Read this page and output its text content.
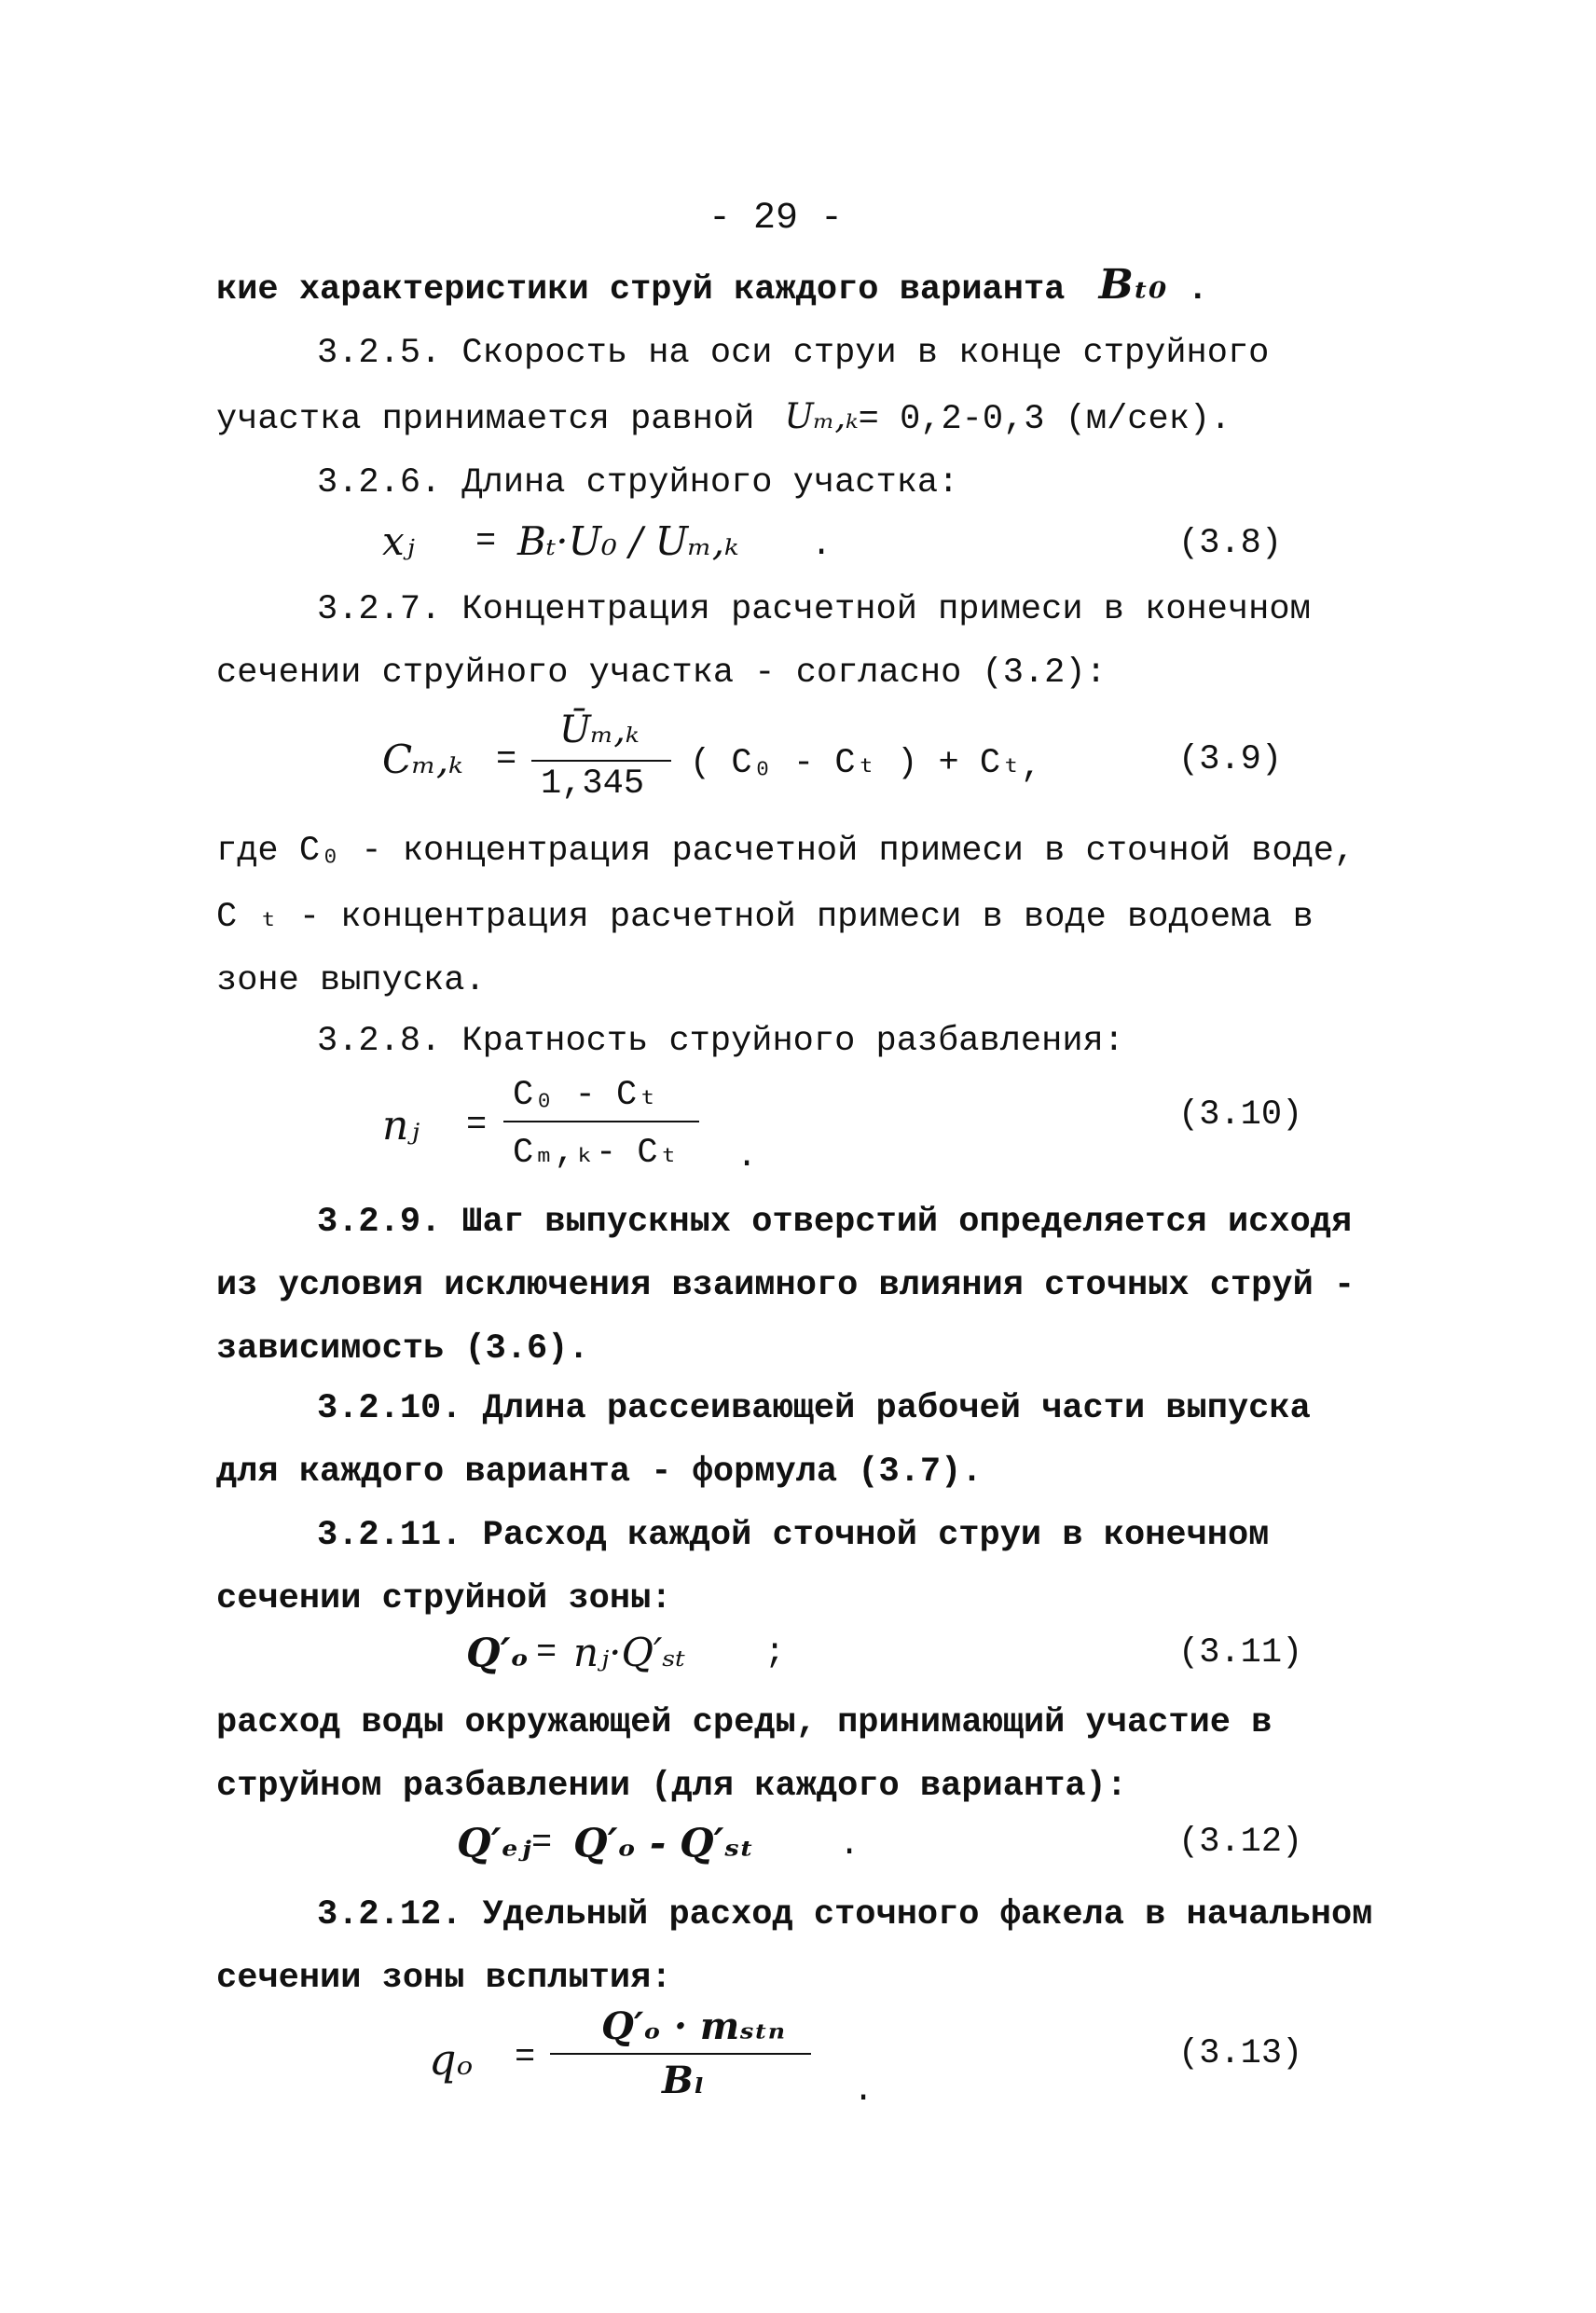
- 29 -
кие характеристики струй каждого варианта Bₜ₀ .
3.2.5. Скорость на оси струи в конце струйного участка принимается равной Uₘ,ₖ= 0,2-0,3 (м/сек).
3.2.6. Длина струйного участка:
xⱼ = Bₜ·U₀ / Uₘ,ₖ .	(3.8)
3.2.7. Концентрация расчетной примеси в конечном сечении струйного участка - согласно (3.2):
Cₘ,ₖ =
Ūₘ,ₖ
1,345
( C₀ - Cₜ ) + Cₜ ,	(3.9)
где C₀ - концентрация расчетной примеси в сточной воде,
C ₜ - концентрация расчетной примеси в воде водоема в зоне выпуска.
3.2.8. Кратность струйного разбавления:
nⱼ =
C₀ - Cₜ
Cₘ,ₖ- Cₜ .
(3.10)
3.2.9. Шаг выпускных отверстий определяется исходя из условия исключения взаимного влияния сточных струй - зависимость (3.6).
3.2.10. Длина рассеивающей рабочей части выпуска для каждого варианта - формула (3.7).
3.2.11. Расход каждой сточной струи в конечном сечении струйной зоны:
Q′ₒ = nⱼ·Q′ₛₜ ;	(3.11)
расход воды окружающей среды, принимающий участие в струйном разбавлении (для каждого варианта):
Q′ₑⱼ = Q′ₒ - Q′ₛₜ .	(3.12)
3.2.12. Удельный расход сточного факела в начальном сечении зоны всплытия:
qₒ =
Q′ₒ · mₛₜₙ
Bₗ	.
(3.13)
